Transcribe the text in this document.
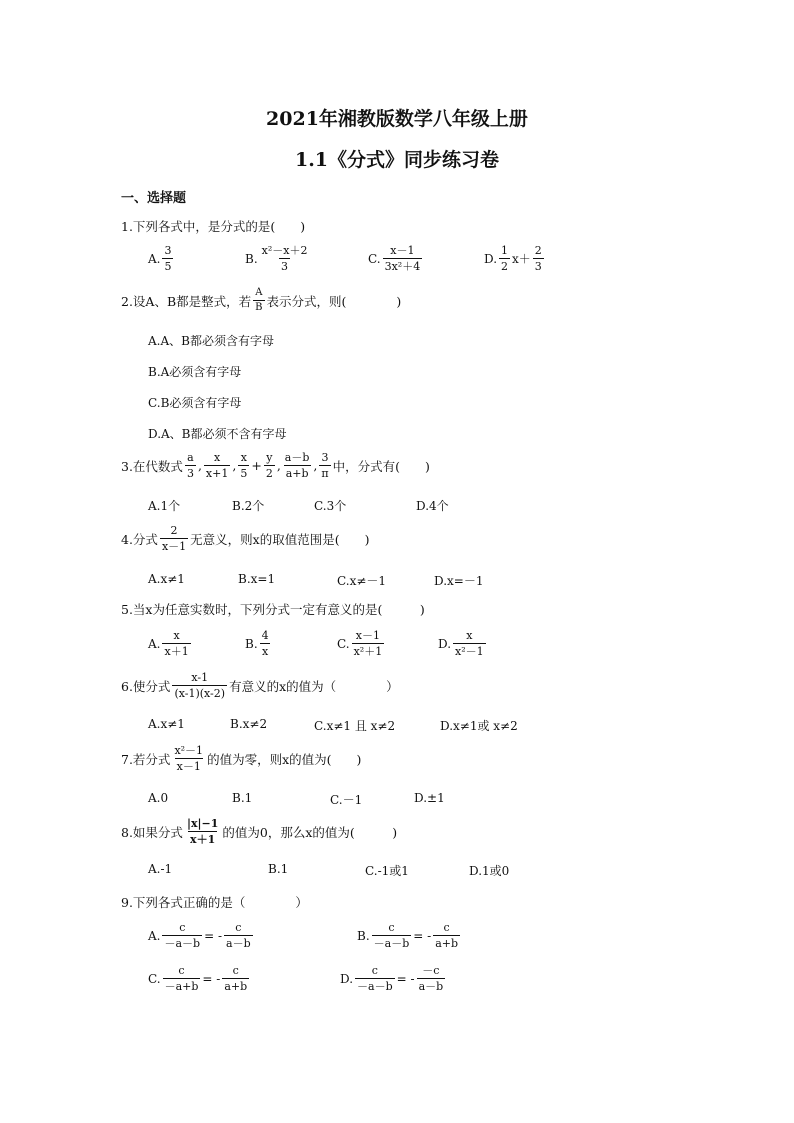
2021年湘教版数学八年级上册
1.1《分式》同步练习卷
一、选择题
1.下列各式中，是分式的是(　　)
A. $\frac{3}{5}$	B. $\frac{\text{x²－x＋2}}{3}$	C. $\frac{x-1}{\text{3x²＋4}}$	D. $\frac{1}{2} x+ \frac{2}{3}$
2.设A、B都是整式，若 $\frac{A}{B}$ 表示分式，则(　　　　)
A.A、B都必须含有字母
B.A必须含有字母
C.B必须含有字母
D.A、B都必须不含有字母
3.在代数式 $\frac{a}{3}$ , $\frac{x}{x+1}$ , $\frac{x}{5} + \frac{y}{2}$ , $\frac{a-b}{a+b}$ , $\frac{3}{\pi}$ 中，分式有(　　)
A.1个	B.2个	C.3个	D.4个
4.分式 $\frac{2}{x-1}$ 无意义，则x的取值范围是(　　)
A.x≠1	B.x=1	C.x≠－1	D.x=－1
5.当x为任意实数时，下列分式一定有意义的是(　　　)
A. $\frac{x}{x+1}$	B. $\frac{4}{x}$	C. $\frac{x-1}{\text{x²＋1}}$	D. $\frac{x}{\text{x²－1}}$
6.使分式 $\frac{x-1}{(x-1)(x-2)}$ 有意义的x的值为（　　　　）
A.x≠1	B.x≠2	C.x≠1 且 x≠2	D.x≠1或 x≠2
7.若分式 $\frac{\text{x²－1}}{x-1}$ 的值为零，则x的值为(　　)
A.0	B.1	C.－1	D.±1
8.如果分式 $\frac{|x|-1}{x+1}$ 的值为0，那么x的值为(　　　)
A.-1	B.1	C.-1或1	D.1或0
9.下列各式正确的是（　　　　）
A. $\frac{c}{-a-b}$ = - $\frac{c}{a-b}$	B. $\frac{c}{-a-b}$ = - $\frac{c}{a+b}$
C. $\frac{c}{-a+b}$ = - $\frac{c}{a+b}$	D. $\frac{c}{-a-b}$ = - $\frac{-c}{a-b}$
